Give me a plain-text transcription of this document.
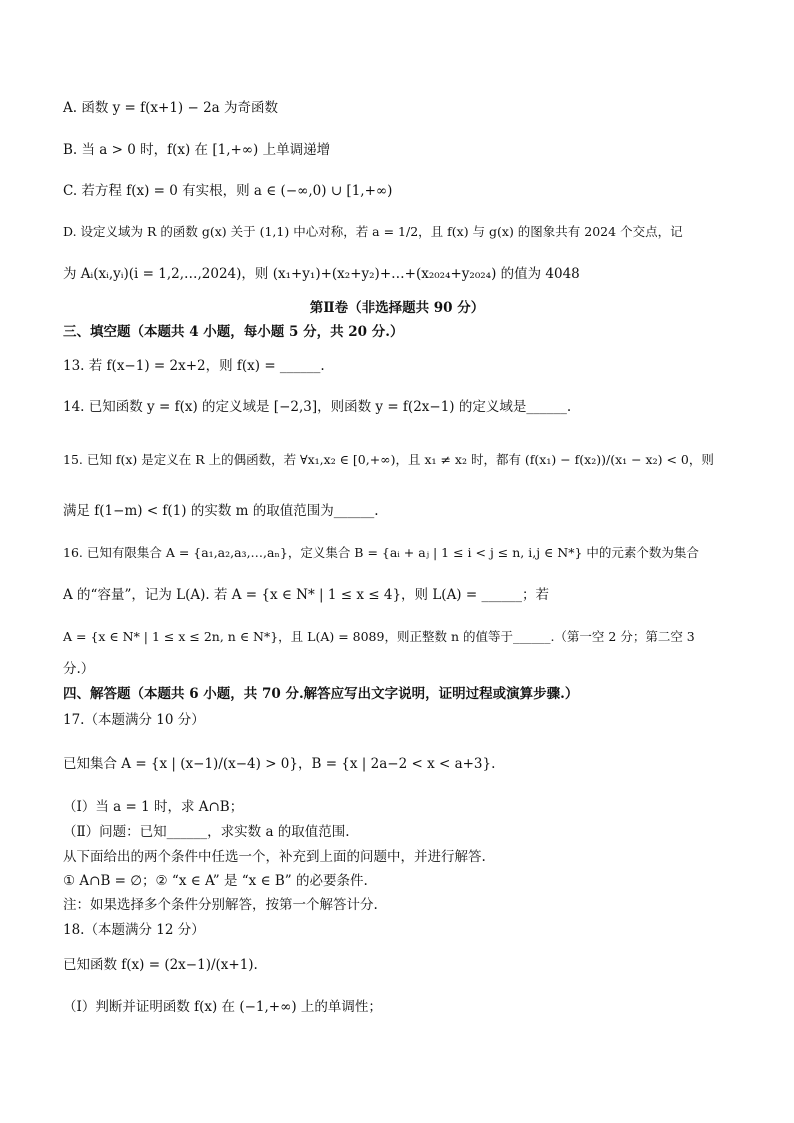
A. 函数 y = f(x+1) − 2a 为奇函数
B. 当 a > 0 时，f(x) 在 [1,+∞) 上单调递增
C. 若方程 f(x) = 0 有实根，则 a ∈ (−∞,0) ∪ [1,+∞)
D. 设定义域为 R 的函数 g(x) 关于 (1,1) 中心对称，若 a = 1/2，且 f(x) 与 g(x) 的图象共有 2024 个交点，记
为 Aᵢ(xᵢ,yᵢ)(i = 1,2,…,2024)，则 (x₁+y₁)+(x₂+y₂)+…+(x₂₀₂₄+y₂₀₂₄) 的值为 4048
第Ⅱ卷（非选择题共 90 分）
三、填空题（本题共 4 小题，每小题 5 分，共 20 分.）
13. 若 f(x−1) = 2x+2，则 f(x) = ______.
14. 已知函数 y = f(x) 的定义域是 [−2,3]，则函数 y = f(2x−1) 的定义域是______.
15. 已知 f(x) 是定义在 R 上的偶函数，若 ∀x₁,x₂ ∈ [0,+∞)，且 x₁ ≠ x₂ 时，都有 (f(x₁) − f(x₂))/(x₁ − x₂) < 0，则
满足 f(1−m) < f(1) 的实数 m 的取值范围为______.
16. 已知有限集合 A = {a₁,a₂,a₃,…,aₙ}，定义集合 B = {aᵢ + aⱼ | 1 ≤ i < j ≤ n, i,j ∈ N*} 中的元素个数为集合
A 的“容量”，记为 L(A). 若 A = {x ∈ N* | 1 ≤ x ≤ 4}，则 L(A) = ______；若
A = {x ∈ N* | 1 ≤ x ≤ 2n, n ∈ N*}，且 L(A) = 8089，则正整数 n 的值等于______.（第一空 2 分；第二空 3
分.）
四、解答题（本题共 6 小题，共 70 分.解答应写出文字说明，证明过程或演算步骤.）
17.（本题满分 10 分）
已知集合 A = {x | (x−1)/(x−4) > 0}，B = {x | 2a−2 < x < a+3}.
（Ⅰ）当 a = 1 时，求 A∩B；
（Ⅱ）问题：已知______，求实数 a 的取值范围.
从下面给出的两个条件中任选一个，补充到上面的问题中，并进行解答.
① A∩B = ∅；② “x ∈ A” 是 “x ∈ B” 的必要条件.
注：如果选择多个条件分别解答，按第一个解答计分.
18.（本题满分 12 分）
已知函数 f(x) = (2x−1)/(x+1).
（Ⅰ）判断并证明函数 f(x) 在 (−1,+∞) 上的单调性；
